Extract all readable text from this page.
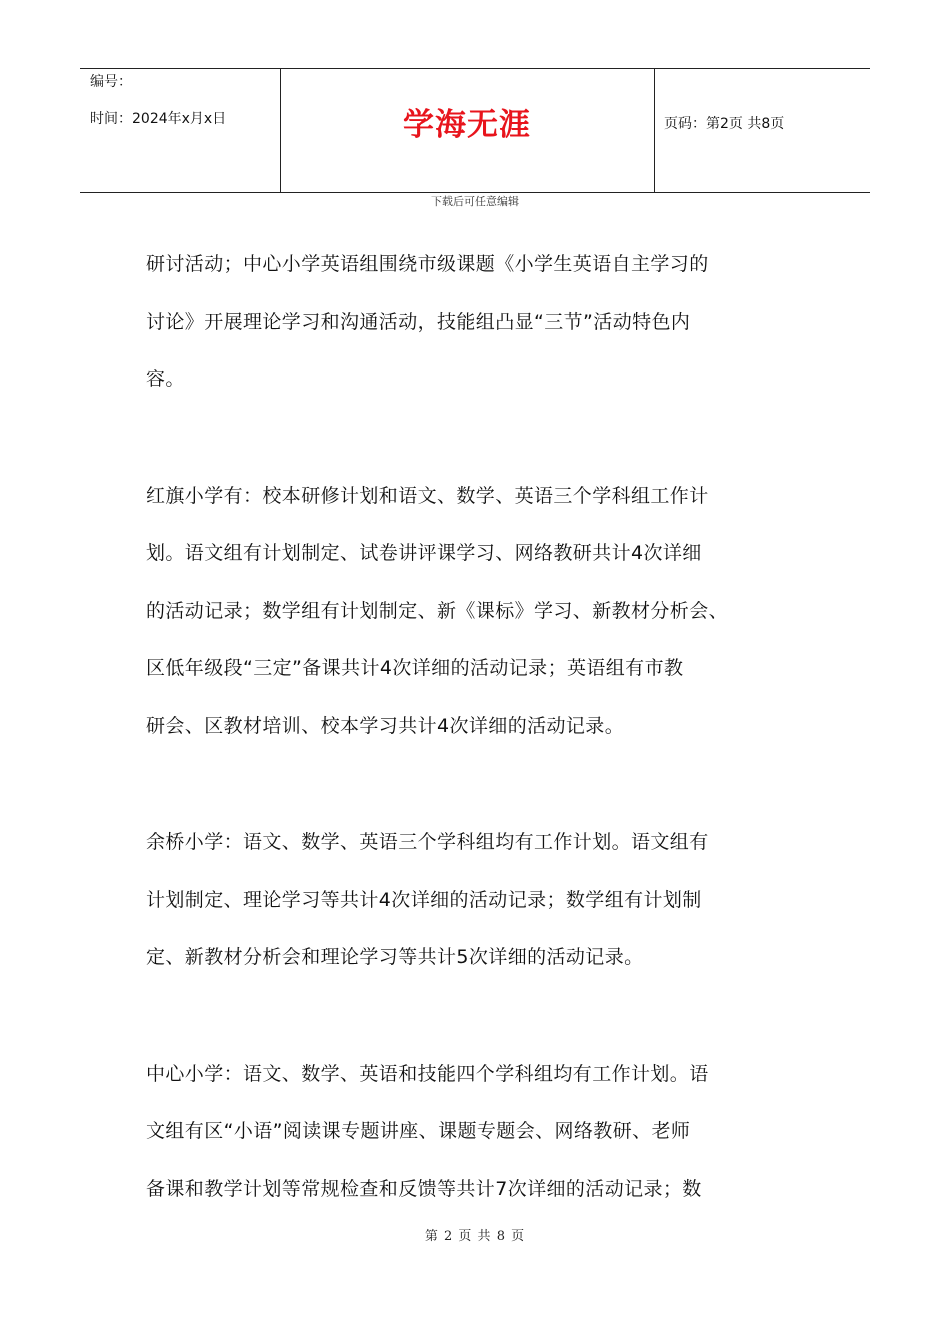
编号：
时间：2024年x月x日	学海无涯	页码：第2页 共8页
下载后可任意编辑

研讨活动；中心小学英语组围绕市级课题《小学生英语自主学习的
讨论》开展理论学习和沟通活动，技能组凸显“三节”活动特色内
容。

红旗小学有：校本研修计划和语文、数学、英语三个学科组工作计
划。语文组有计划制定、试卷讲评课学习、网络教研共计4次详细
的活动记录；数学组有计划制定、新《课标》学习、新教材分析会、
区低年级段“三定”备课共计4次详细的活动记录；英语组有市教
研会、区教材培训、校本学习共计4次详细的活动记录。

余桥小学：语文、数学、英语三个学科组均有工作计划。语文组有
计划制定、理论学习等共计4次详细的活动记录；数学组有计划制
定、新教材分析会和理论学习等共计5次详细的活动记录。

中心小学：语文、数学、英语和技能四个学科组均有工作计划。语
文组有区“小语”阅读课专题讲座、课题专题会、网络教研、老师
备课和教学计划等常规检查和反馈等共计7次详细的活动记录；数

第 2 页 共 8 页
